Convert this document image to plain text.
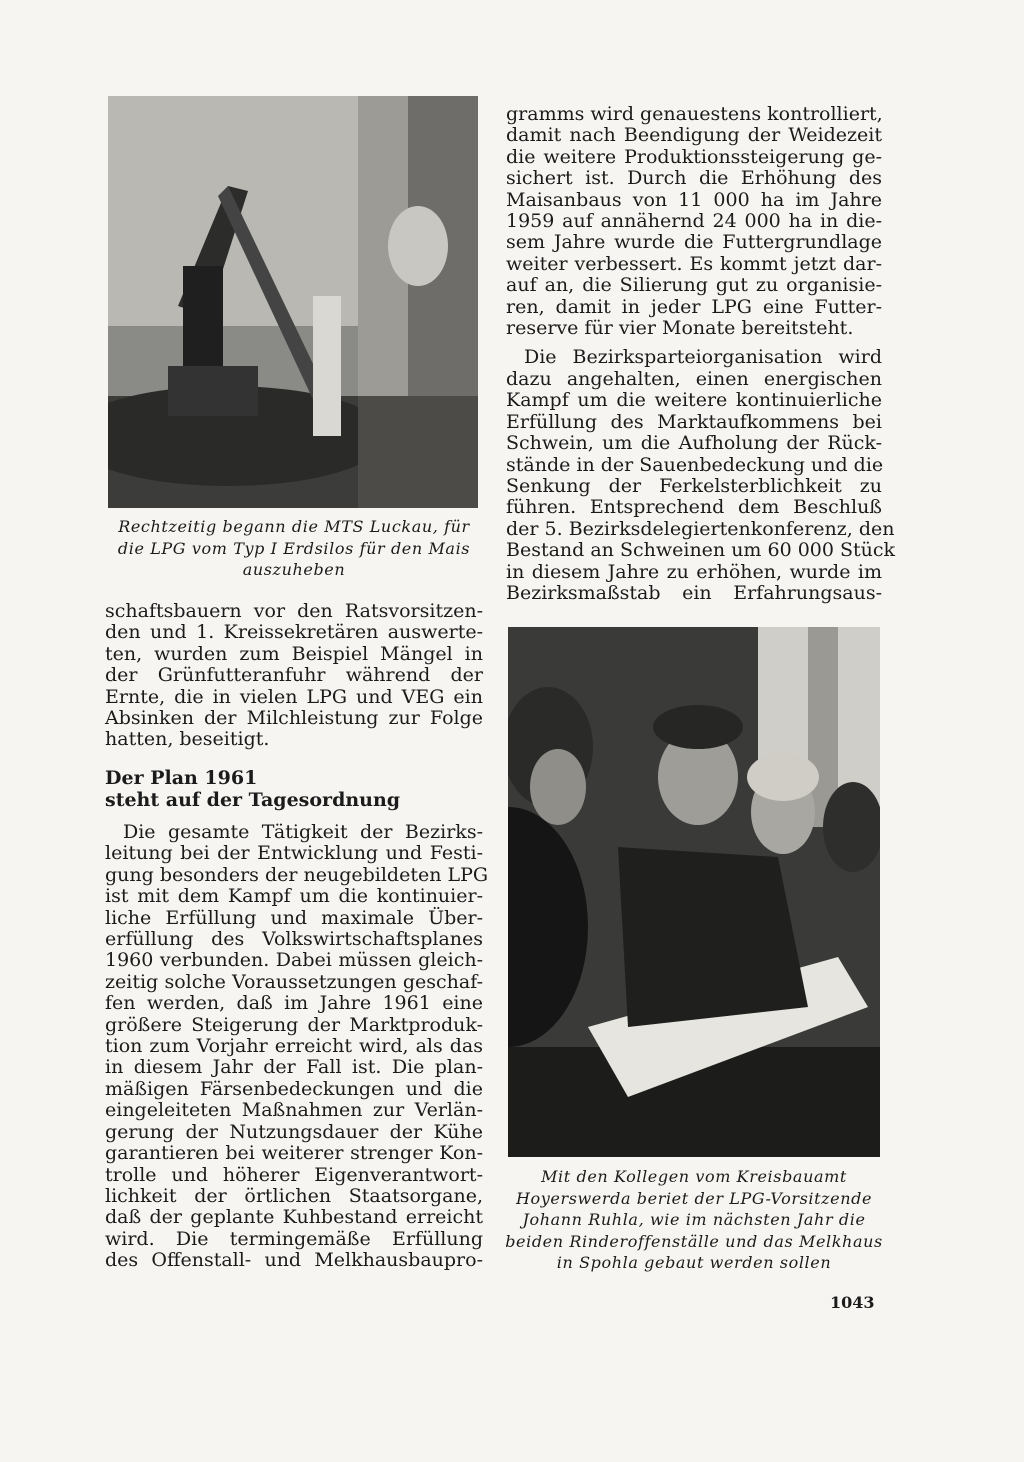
Rechtzeitig begann die MTS Luckau, für die LPG vom Typ I Erdsilos für den Mais auszuheben
schaftsbauern vor den Ratsvorsitzen-
den und 1. Kreissekretären auswerte-
ten, wurden zum Beispiel Mängel in
der Grünfutteranfuhr während der
Ernte, die in vielen LPG und VEG ein
Absinken der Milchleistung zur Folge
hatten, beseitigt.
Der Plan 1961
steht auf der Tagesordnung
Die gesamte Tätigkeit der Bezirks-
leitung bei der Entwicklung und Festi-
gung besonders der neugebildeten LPG
ist mit dem Kampf um die kontinuier-
liche Erfüllung und maximale Über-
erfüllung des Volkswirtschaftsplanes
1960 verbunden. Dabei müssen gleich-
zeitig solche Voraussetzungen geschaf-
fen werden, daß im Jahre 1961 eine
größere Steigerung der Marktproduk-
tion zum Vorjahr erreicht wird, als das
in diesem Jahr der Fall ist. Die plan-
mäßigen Färsenbedeckungen und die
eingeleiteten Maßnahmen zur Verlän-
gerung der Nutzungsdauer der Kühe
garantieren bei weiterer strenger Kon-
trolle und höherer Eigenverantwort-
lichkeit der örtlichen Staatsorgane,
daß der geplante Kuhbestand erreicht
wird. Die termingemäße Erfüllung
des Offenstall- und Melkhausbaupro-
gramms wird genauestens kontrolliert,
damit nach Beendigung der Weidezeit
die weitere Produktionssteigerung ge-
sichert ist. Durch die Erhöhung des
Maisanbaus von 11 000 ha im Jahre
1959 auf annähernd 24 000 ha in die-
sem Jahre wurde die Futtergrundlage
weiter verbessert. Es kommt jetzt dar-
auf an, die Silierung gut zu organisie-
ren, damit in jeder LPG eine Futter-
reserve für vier Monate bereitsteht.
Die Bezirksparteiorganisation wird
dazu angehalten, einen energischen
Kampf um die weitere kontinuierliche
Erfüllung des Marktaufkommens bei
Schwein, um die Aufholung der Rück-
stände in der Sauenbedeckung und die
Senkung der Ferkelsterblichkeit zu
führen. Entsprechend dem Beschluß
der 5. Bezirksdelegiertenkonferenz, den
Bestand an Schweinen um 60 000 Stück
in diesem Jahre zu erhöhen, wurde im
Bezirksmaßstab ein Erfahrungsaus-
Mit den Kollegen vom Kreisbauamt Hoyerswerda beriet der LPG-Vorsitzende Johann Ruhla, wie im nächsten Jahr die beiden Rinderoffenställe und das Melkhaus in Spohla gebaut werden sollen
1043
